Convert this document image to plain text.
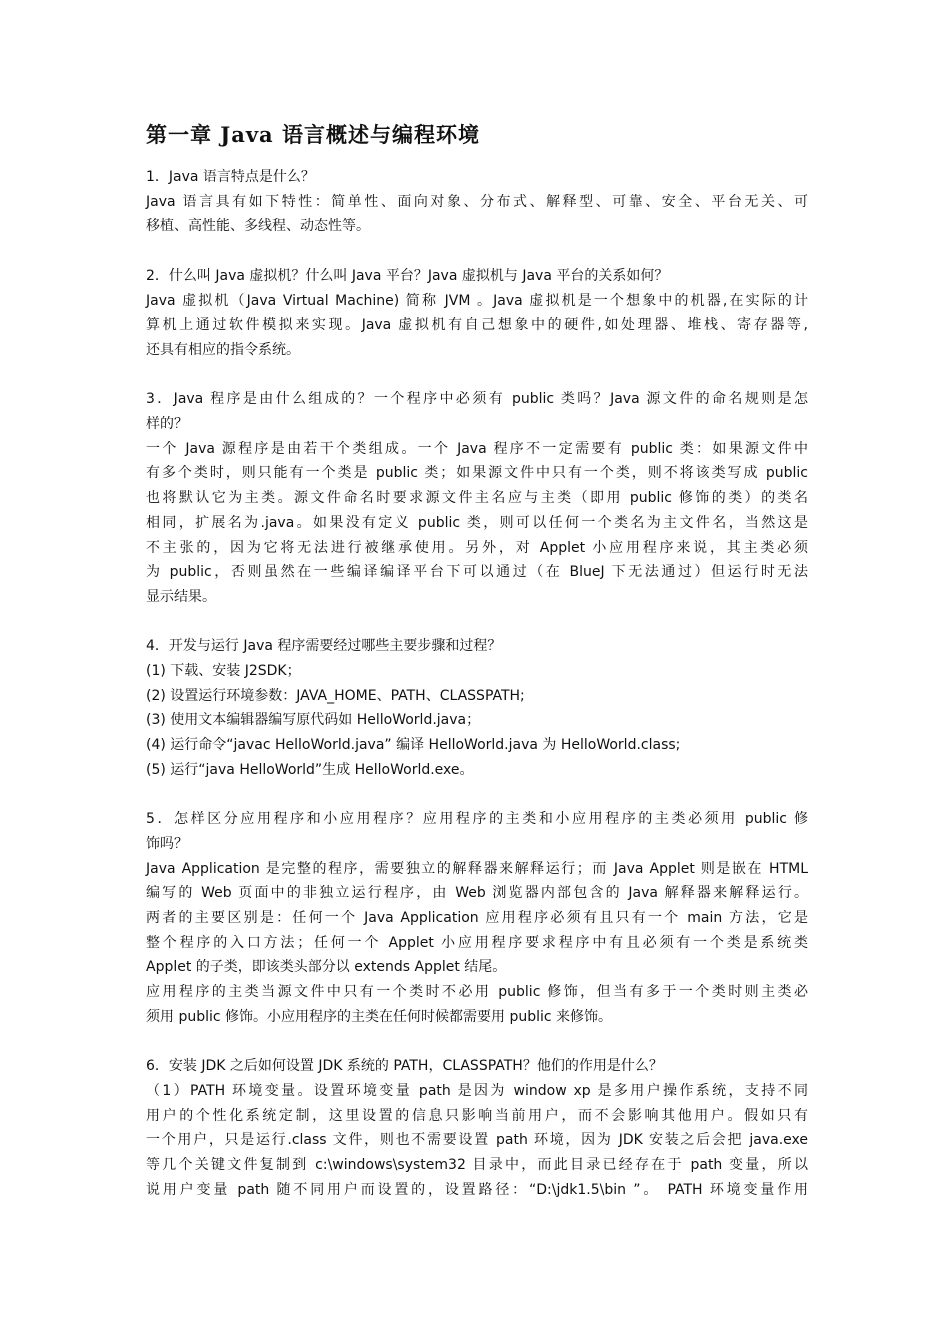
第一章 Java 语言概述与编程环境

1．Java 语言特点是什么？

Java 语言具有如下特性：简单性、面向对象、分布式、解释型、可靠、安全、平台无关、可

移植、高性能、多线程、动态性等。

2．什么叫 Java 虚拟机？什么叫 Java 平台？Java 虚拟机与 Java 平台的关系如何？

Java 虚拟机（Java Virtual Machine) 简称 JVM 。Java 虚拟机是一个想象中的机器,在实际的计

算机上通过软件模拟来实现。Java 虚拟机有自己想象中的硬件,如处理器、堆栈、寄存器等,

还具有相应的指令系统。

3．Java 程序是由什么组成的？一个程序中必须有 public 类吗？Java 源文件的命名规则是怎

样的？

一个 Java 源程序是由若干个类组成。一个 Java 程序不一定需要有 public 类：如果源文件中

有多个类时，则只能有一个类是 public 类；如果源文件中只有一个类，则不将该类写成 public

也将默认它为主类。源文件命名时要求源文件主名应与主类（即用 public 修饰的类）的类名

相同，扩展名为.java。如果没有定义 public 类，则可以任何一个类名为主文件名，当然这是

不主张的，因为它将无法进行被继承使用。另外，对 Applet 小应用程序来说，其主类必须

为 public，否则虽然在一些编译编译平台下可以通过（在 BlueJ 下无法通过）但运行时无法

显示结果。

4．开发与运行 Java 程序需要经过哪些主要步骤和过程？

(1) 下载、安装 J2SDK；

(2) 设置运行环境参数：JAVA_HOME、PATH、CLASSPATH;

(3) 使用文本编辑器编写原代码如 HelloWorld.java；

(4) 运行命令“javac HelloWorld.java” 编译 HelloWorld.java 为 HelloWorld.class;

(5) 运行“java HelloWorld”生成 HelloWorld.exe。

5．怎样区分应用程序和小应用程序？应用程序的主类和小应用程序的主类必须用 public 修

饰吗？

Java Application 是完整的程序，需要独立的解释器来解释运行；而 Java Applet 则是嵌在 HTML

编写的 Web 页面中的非独立运行程序，由 Web 浏览器内部包含的 Java 解释器来解释运行。

两者的主要区别是：任何一个 Java Application 应用程序必须有且只有一个 main 方法，它是

整个程序的入口方法；任何一个 Applet 小应用程序要求程序中有且必须有一个类是系统类

Applet 的子类，即该类头部分以 extends Applet 结尾。

应用程序的主类当源文件中只有一个类时不必用 public 修饰，但当有多于一个类时则主类必

须用 public 修饰。小应用程序的主类在任何时候都需要用 public 来修饰。

6．安装 JDK 之后如何设置 JDK 系统的 PATH，CLASSPATH？他们的作用是什么？

（1）PATH 环境变量。设置环境变量 path 是因为 window xp 是多用户操作系统，支持不同

用户的个性化系统定制，这里设置的信息只影响当前用户，而不会影响其他用户。假如只有

一个用户，只是运行.class 文件，则也不需要设置 path 环境，因为 JDK 安装之后会把 java.exe

等几个关键文件复制到 c:\windows\system32 目录中，而此目录已经存在于 path 变量，所以

说用户变量 path 随不同用户而设置的，设置路径：“D:\jdk1.5\bin ”。 PATH 环境变量作用
